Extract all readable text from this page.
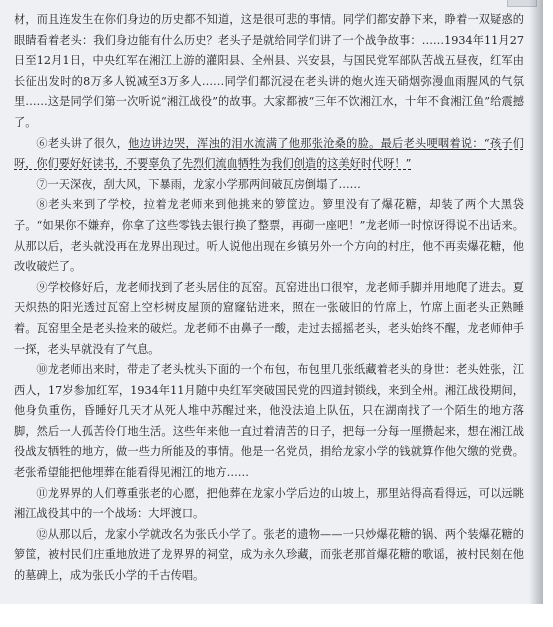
材，而且连发生在你们身边的历史都不知道，这是很可悲的事情。同学们都安静下来，睁着一双疑惑的眼睛看着老头：我们身边能有什么历史？老头子是就给同学们讲了一个战争故事：……1934年11月27日至12月1日，中央红军在湘江上游的灌阳县、全州县、兴安县，与国民党军部队苦战五昼夜，红军由长征出发时的8万多人锐减至3万多人……同学们都沉浸在老头讲的炮火连天硝烟弥漫血雨腥风的气氛里……这是同学们第一次听说“湘江战役”的故事。大家都被“三年不饮湘江水，十年不食湘江鱼”给震撼了。

⑥老头讲了很久，他边讲边哭，浑浊的泪水流满了他那张沧桑的脸。最后老头哽咽着说：“孩子们呀，你们要好好读书，不要辜负了先烈们流血牺牲为我们创造的这美好时代呀！”

⑦一天深夜，刮大风，下暴雨，龙家小学那两间破瓦房倒塌了……

⑧老头来到了学校，拉着龙老师来到他挑来的箩筐边。箩里没有了爆花糖，却装了两个大黑袋子。“如果你不嫌弃，你拿了这些零钱去银行换了整票，再砌一座吧！”龙老师一时惊讶得说不出话来。从那以后，老头就没再在龙界出现过。听人说他出现在乡镇另外一个方向的村庄，他不再卖爆花糖，他改收破烂了。

⑨学校修好后，龙老师找到了老头居住的瓦窑。瓦窑进出口很窄，龙老师手脚并用地爬了进去。夏天炽热的阳光透过瓦窑上空杉树皮屋顶的窟窿钻进来，照在一张破旧的竹席上，竹席上面老头正熟睡着。瓦窑里全是老头捡来的破烂。龙老师不由鼻子一酸，走过去摇摇老头，老头始终不醒，龙老师伸手一探，老头早就没有了气息。

⑩龙老师出来时，带走了老头枕头下面的一个布包，布包里几张纸藏着老头的身世：老头姓张，江西人，17岁参加红军，1934年11月随中央红军突破国民党的四道封锁线，来到全州。湘江战役期间，他身负重伤，昏睡好几天才从死人堆中苏醒过来，他没法追上队伍，只在湖南找了一个陌生的地方落脚，然后一人孤苦伶仃地生活。这些年来他一直过着清苦的日子，把每一分每一厘攒起来，想在湘江战役战友牺牲的地方，做一些力所能及的事情。他是一名党员，捐给龙家小学的钱就算作他欠缴的党费。老张希望能把他埋葬在能看得见湘江的地方……

⑪龙界界的人们尊重张老的心愿，把他葬在龙家小学后边的山坡上，那里站得高看得远，可以远眺湘江战役其中的一个战场：大坪渡口。

⑫从那以后，龙家小学就改名为张氏小学了。张老的遗物——一只炒爆花糖的锅、两个装爆花糖的箩筐，被村民们庄重地放进了龙界界的祠堂，成为永久珍藏，而张老那首爆花糖的歌谣，被村民刻在他的墓碑上，成为张氏小学的千古传唱。
